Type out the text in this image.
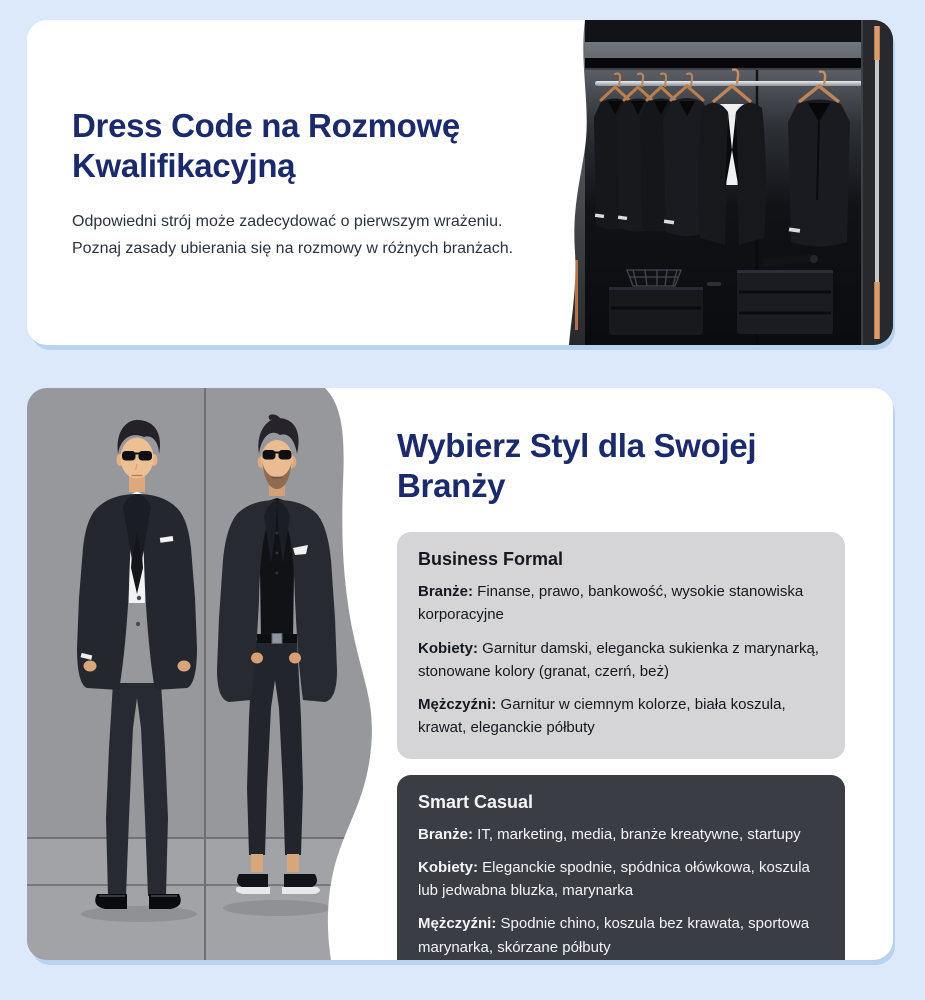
Dress Code na Rozmowę Kwalifikacyjną

Odpowiedni strój może zadecydować o pierwszym wrażeniu. Poznaj zasady ubierania się na rozmowy w różnych branżach.

Wybierz Styl dla Swojej Branży

Business Formal

Branże: Finanse, prawo, bankowość, wysokie stanowiska korporacyjne

Kobiety: Garnitur damski, elegancka sukienka z marynarką, stonowane kolory (granat, czerń, beż)

Mężczyźni: Garnitur w ciemnym kolorze, biała koszula, krawat, eleganckie półbuty

Smart Casual

Branże: IT, marketing, media, branże kreatywne, startupy

Kobiety: Eleganckie spodnie, spódnica ołówkowa, koszula lub jedwabna bluzka, marynarka

Mężczyźni: Spodnie chino, koszula bez krawata, sportowa marynarka, skórzane półbuty
